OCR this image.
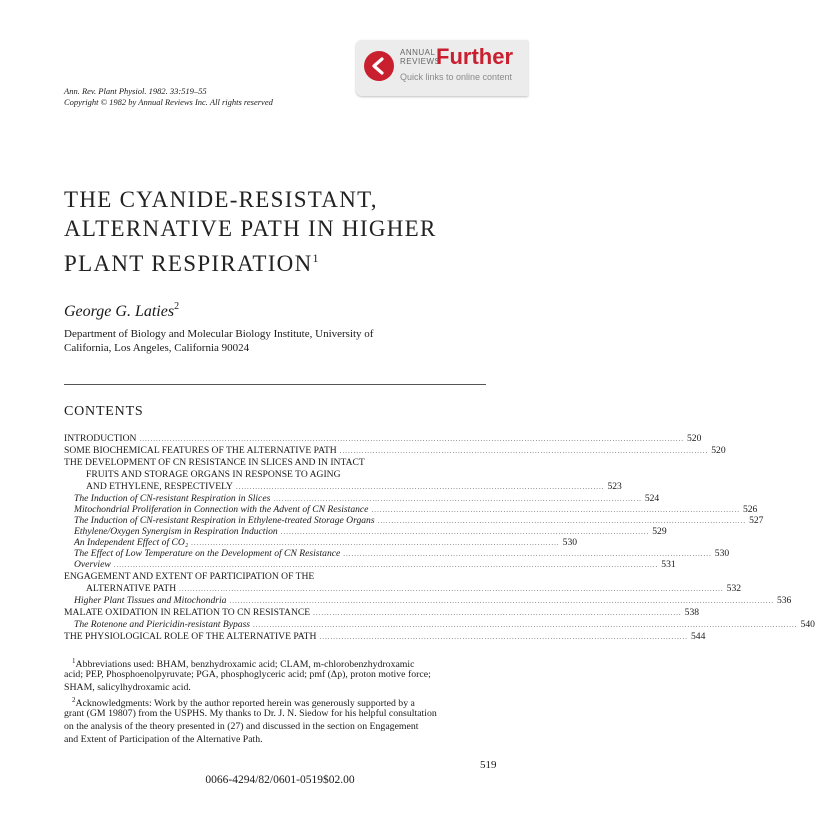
ANNUAL
REVIEWS
Further
Quick links to online content
Ann. Rev. Plant Physiol. 1982. 33:519–55
Copyright © 1982 by Annual Reviews Inc. All rights reserved
THE CYANIDE-RESISTANT,
ALTERNATIVE PATH IN HIGHER
PLANT RESPIRATION$^1$
George G. Laties$^2$
Department of Biology and Molecular Biology Institute, University of
California, Los Angeles, California 90024
CONTENTS
INTRODUCTION ...................................................................................................................................................................................................... 520
SOME BIOCHEMICAL FEATURES OF THE ALTERNATIVE PATH ...................................................................................................................................... 520
THE DEVELOPMENT OF CN RESISTANCE IN SLICES AND IN INTACT
FRUITS AND STORAGE ORGANS IN RESPONSE TO AGING
AND ETHYLENE, RESPECTIVELY ...................................................................................................................................... 523
The Induction of CN-resistant Respiration in Slices ...................................................................................................................................... 524
Mitochondrial Proliferation in Connection with the Advent of CN Resistance ...................................................................................................................................... 526
The Induction of CN-resistant Respiration in Ethylene-treated Storage Organs ...................................................................................................................................... 527
Ethylene/Oxygen Synergism in Respiration Induction ...................................................................................................................................... 529
An Independent Effect of CO₂ ...................................................................................................................................... 530
The Effect of Low Temperature on the Development of CN Resistance ...................................................................................................................................... 530
Overview ...................................................................................................................................................................................................... 531
ENGAGEMENT AND EXTENT OF PARTICIPATION OF THE
ALTERNATIVE PATH ...................................................................................................................................................................................................... 532
Higher Plant Tissues and Mitochondria ...................................................................................................................................................................................................... 536
MALATE OXIDATION IN RELATION TO CN RESISTANCE ...................................................................................................................................... 538
The Rotenone and Piericidin-resistant Bypass ...................................................................................................................................................................................................... 540
THE PHYSIOLOGICAL ROLE OF THE ALTERNATIVE PATH ...................................................................................................................................... 544
$^1$Abbreviations used: BHAM, benzhydroxamic acid; CLAM, m-chlorobenzhydroxamic
acid; PEP, Phosphoenolpyruvate; PGA, phosphoglyceric acid; pmf (Δp), proton motive force;
SHAM, salicylhydroxamic acid.
$^2$Acknowledgments: Work by the author reported herein was generously supported by a
grant (GM 19807) from the USPHS. My thanks to Dr. J. N. Siedow for his helpful consultation
on the analysis of the theory presented in (27) and discussed in the section on Engagement
and Extent of Participation of the Alternative Path.
519
0066-4294/82/0601-0519$02.00
